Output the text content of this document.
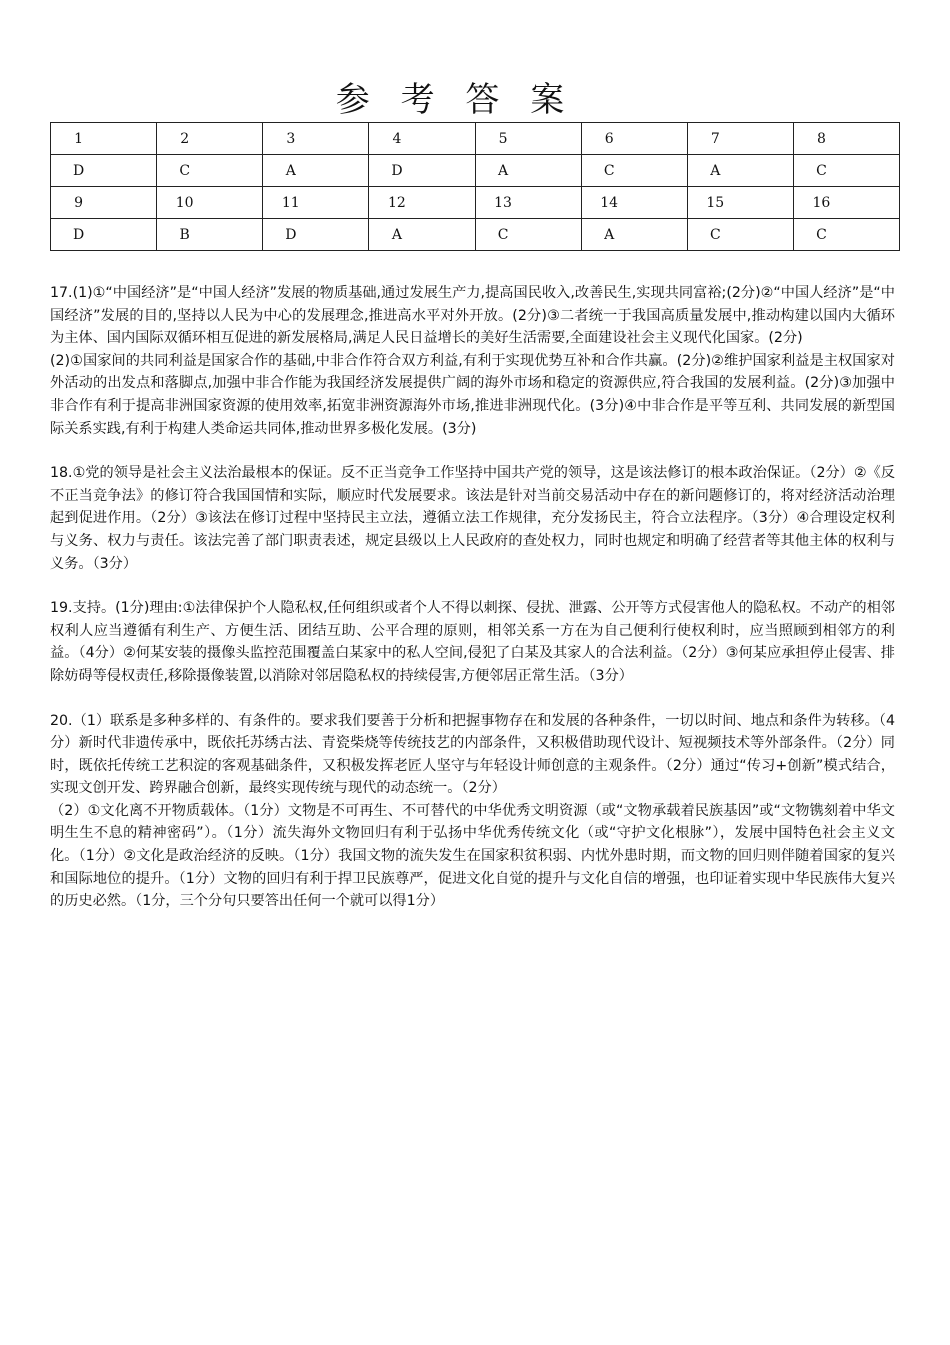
参 考 答 案
1	2	3	4	5	6	7	8
D	C	A	D	A	C	A	C
9	10	11	12	13	14	15	16
D	B	D	A	C	A	C	C

17.(1)①“中国经济”是“中国人经济”发展的物质基础,通过发展生产力,提高国民收入,改善民生,实现共同富裕;(2分)②“中国人经济”是“中国经济”发展的目的,坚持以人民为中心的发展理念,推进高水平对外开放。(2分)③二者统一于我国高质量发展中,推动构建以国内大循环为主体、国内国际双循环相互促进的新发展格局,满足人民日益增长的美好生活需要,全面建设社会主义现代化国家。(2分)

(2)①国家间的共同利益是国家合作的基础,中非合作符合双方利益,有利于实现优势互补和合作共赢。(2分)②维护国家利益是主权国家对外活动的出发点和落脚点,加强中非合作能为我国经济发展提供广阔的海外市场和稳定的资源供应,符合我国的发展利益。(2分)③加强中非合作有利于提高非洲国家资源的使用效率,拓宽非洲资源海外市场,推进非洲现代化。(3分)④中非合作是平等互利、共同发展的新型国际关系实践,有利于构建人类命运共同体,推动世界多极化发展。(3分)

18.①党的领导是社会主义法治最根本的保证。反不正当竞争工作坚持中国共产党的领导，这是该法修订的根本政治保证。（2分）②《反不正当竞争法》的修订符合我国国情和实际，顺应时代发展要求。该法是针对当前交易活动中存在的新问题修订的，将对经济活动治理起到促进作用。（2分）③该法在修订过程中坚持民主立法，遵循立法工作规律，充分发扬民主，符合立法程序。（3分）④合理设定权利与义务、权力与责任。该法完善了部门职责表述，规定县级以上人民政府的查处权力，同时也规定和明确了经营者等其他主体的权利与义务。（3分）

19.支持。(1分)理由:①法律保护个人隐私权,任何组织或者个人不得以刺探、侵扰、泄露、公开等方式侵害他人的隐私权。不动产的相邻权利人应当遵循有利生产、方便生活、团结互助、公平合理的原则，相邻关系一方在为自己便利行使权利时，应当照顾到相邻方的利益。（4分）②何某安装的摄像头监控范围覆盖白某家中的私人空间,侵犯了白某及其家人的合法利益。（2分）③何某应承担停止侵害、排除妨碍等侵权责任,移除摄像装置,以消除对邻居隐私权的持续侵害,方便邻居正常生活。（3分）

20.（1）联系是多种多样的、有条件的。要求我们要善于分析和把握事物存在和发展的各种条件，一切以时间、地点和条件为转移。（4分）新时代非遗传承中，既依托苏绣古法、青瓷柴烧等传统技艺的内部条件，又积极借助现代设计、短视频技术等外部条件。（2分）同时，既依托传统工艺积淀的客观基础条件，又积极发挥老匠人坚守与年轻设计师创意的主观条件。（2分）通过“传习+创新”模式结合，实现文创开发、跨界融合创新，最终实现传统与现代的动态统一。（2分）

（2）①文化离不开物质载体。（1分）文物是不可再生、不可替代的中华优秀文明资源（或“文物承载着民族基因”或“文物镌刻着中华文明生生不息的精神密码”）。（1分）流失海外文物回归有利于弘扬中华优秀传统文化（或“守护文化根脉”），发展中国特色社会主义文化。（1分）②文化是政治经济的反映。（1分）我国文物的流失发生在国家积贫积弱、内忧外患时期，而文物的回归则伴随着国家的复兴和国际地位的提升。（1分）文物的回归有利于捍卫民族尊严，促进文化自觉的提升与文化自信的增强，也印证着实现中华民族伟大复兴的历史必然。（1分，三个分句只要答出任何一个就可以得1分）
